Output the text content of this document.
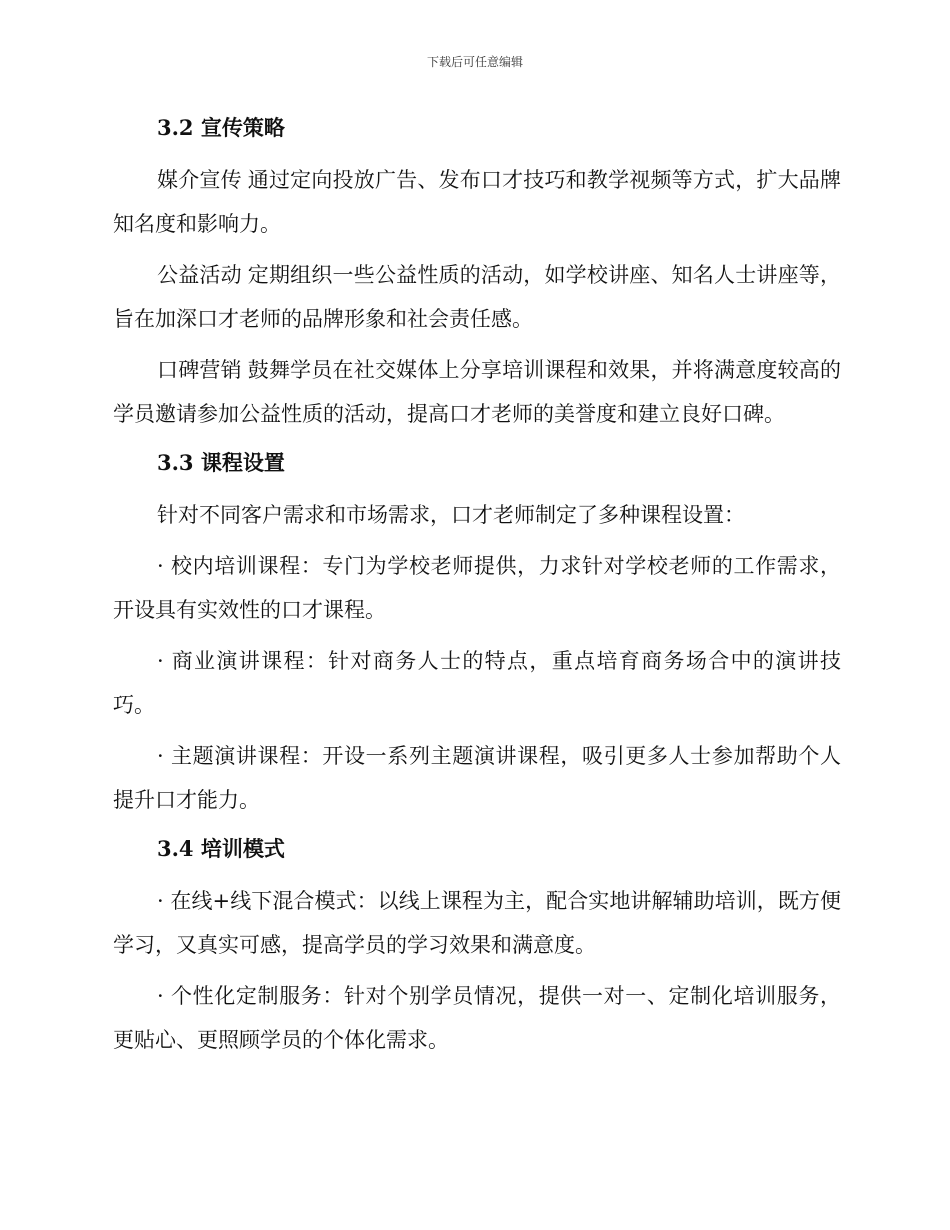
下载后可任意编辑
3.2 宣传策略

媒介宣传 通过定向投放广告、发布口才技巧和教学视频等方式，扩大品牌知名度和影响力。

公益活动 定期组织一些公益性质的活动，如学校讲座、知名人士讲座等，旨在加深口才老师的品牌形象和社会责任感。

口碑营销 鼓舞学员在社交媒体上分享培训课程和效果，并将满意度较高的学员邀请参加公益性质的活动，提高口才老师的美誉度和建立良好口碑。

3.3 课程设置

针对不同客户需求和市场需求，口才老师制定了多种课程设置：

· 校内培训课程：专门为学校老师提供，力求针对学校老师的工作需求，开设具有实效性的口才课程。

· 商业演讲课程：针对商务人士的特点，重点培育商务场合中的演讲技巧。

· 主题演讲课程：开设一系列主题演讲课程，吸引更多人士参加帮助个人提升口才能力。

3.4 培训模式

· 在线+线下混合模式：以线上课程为主，配合实地讲解辅助培训，既方便学习，又真实可感，提高学员的学习效果和满意度。

· 个性化定制服务：针对个别学员情况，提供一对一、定制化培训服务，更贴心、更照顾学员的个体化需求。
